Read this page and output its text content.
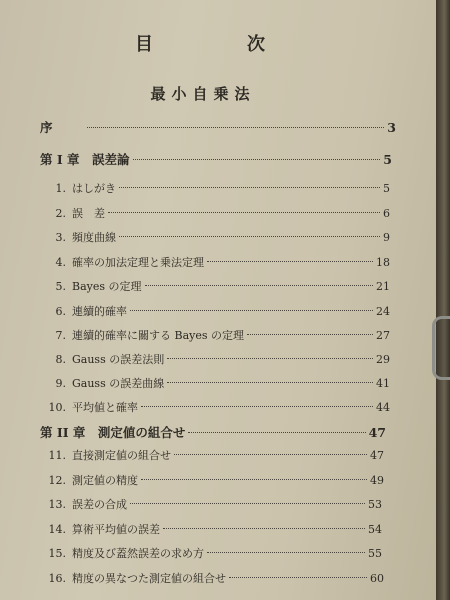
目　次
最小自乗法
序	3
第 I 章　誤差論	5
1. はしがき	5
2. 誤　差	6
3. 頻度曲線	9
4. 確率の加法定理と乗法定理	18
5. Bayes の定理	21
6. 連續的確率	24
7. 連續的確率に關する Bayes の定理	27
8. Gauss の誤差法則	29
9. Gauss の誤差曲線	41
10. 平均値と確率	44
第 II 章　測定値の組合せ	47
11. 直接測定値の組合せ	47
12. 測定値の精度	49
13. 誤差の合成	53
14. 算術平均値の誤差	54
15. 精度及び蓋然誤差の求め方	55
16. 精度の異なつた測定値の組合せ	60
